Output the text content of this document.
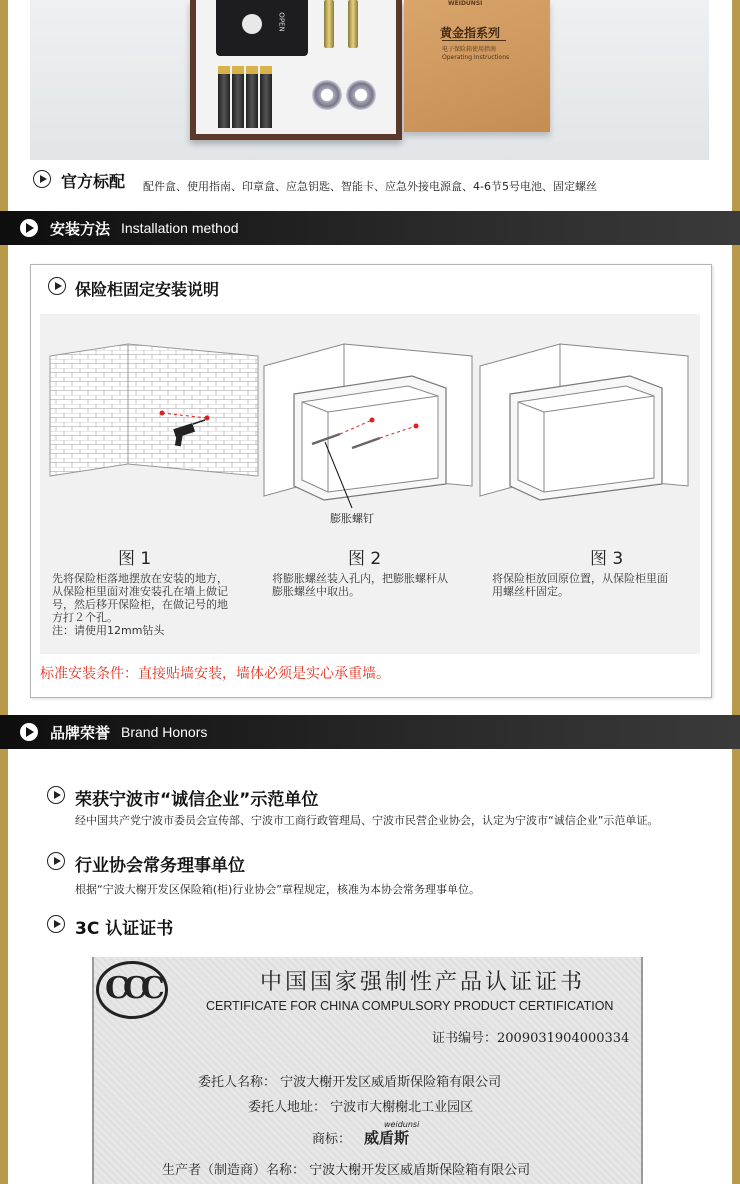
OPEN
WEIDUNSI
黄金指系列
电子保险箱使用指南
Operating Instructions
官方标配 配件盒、使用指南、印章盒、应急钥匙、智能卡、应急外接电源盒、4-6节5号电池、固定螺丝
安装方法 Installation method
保险柜固定安装说明
膨胀螺钉
图 1	图 2	图 3
先将保险柜落地摆放在安装的地方，
从保险柜里面对准安装孔在墙上做记
号，然后移开保险柜，在做记号的地
方打２个孔。
注：请使用12mm钻头
将膨胀螺丝装入孔内，把膨胀螺杆从
膨胀螺丝中取出。
将保险柜放回原位置，从保险柜里面
用螺丝杆固定。
标准安装条件：直接贴墙安装，墙体必须是实心承重墙。
品牌荣誉 Brand Honors
荣获宁波市“诚信企业”示范单位
经中国共产党宁波市委员会宣传部、宁波市工商行政管理局、宁波市民营企业协会，认定为宁波市“诚信企业”示范单证。
行业协会常务理事单位
根据“宁波大榭开发区保险箱(柜)行业协会”章程规定，核准为本协会常务理事单位。
3C 认证证书
CCC	中国国家强制性产品认证证书
CERTIFICATE FOR CHINA COMPULSORY PRODUCT CERTIFICATION
证书编号：2009031904000334
委托人名称： 宁波大榭开发区威盾斯保险箱有限公司
委托人地址： 宁波市大榭榭北工业园区
商标：
weidunsi
威盾斯
生产者（制造商）名称： 宁波大榭开发区威盾斯保险箱有限公司
